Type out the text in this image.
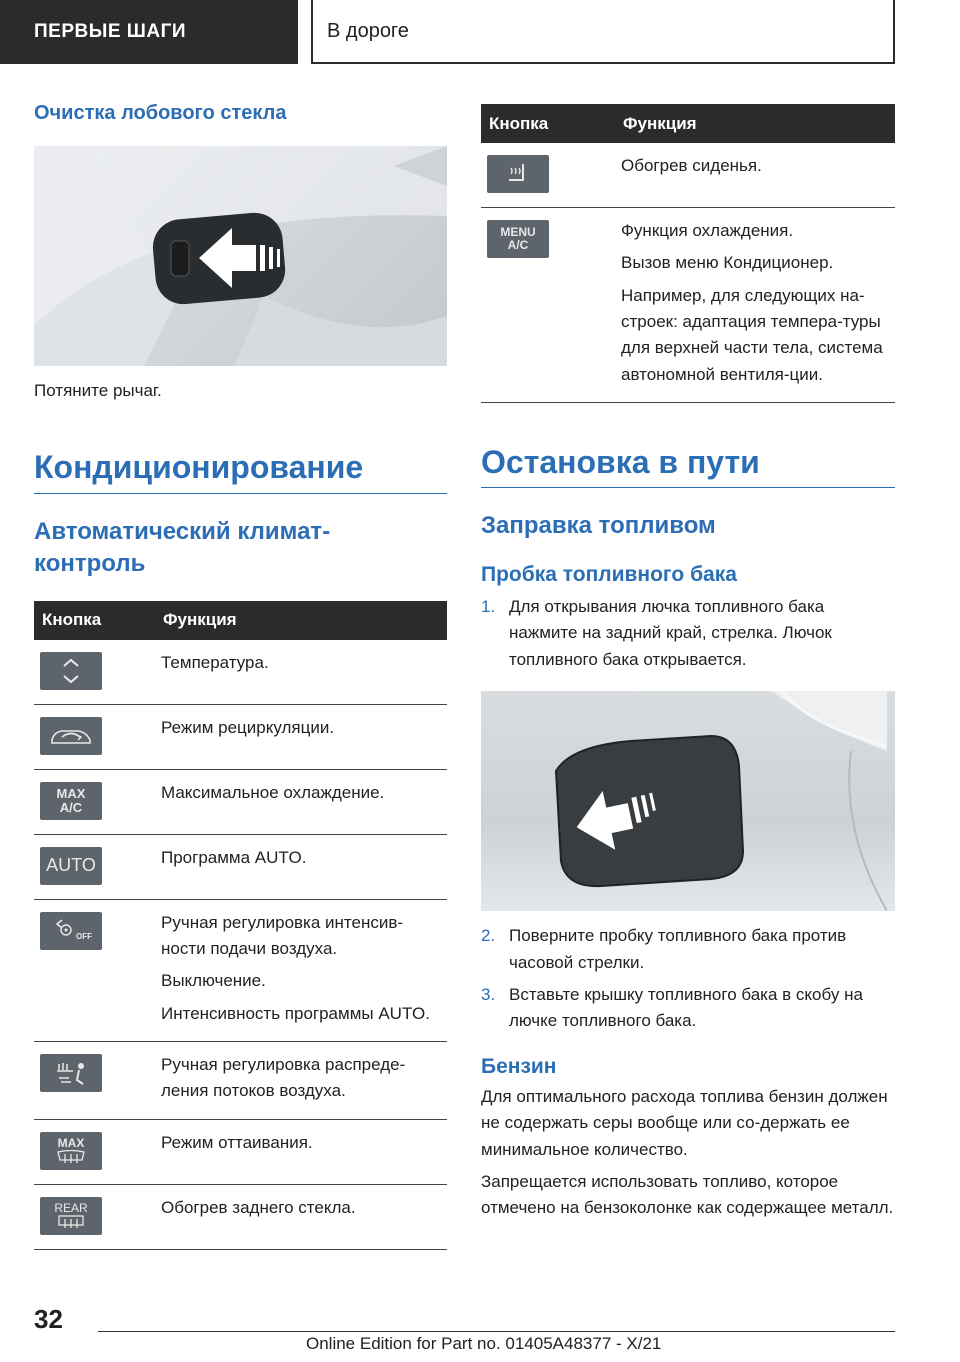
ПЕРВЫЕ ШАГИ	В дороге
Очистка лобового стекла
Потяните рычаг.
Кондиционирование
Автоматический климат-контроль
Кнопка	Функция

Температура.

Режим рециркуляции.

MAX A/C	Максимальное охлаждение.

AUTO	Программа AUTO.

OFF	Ручная регулировка интенсив-ности подачи воздуха.

Выключение.

Интенсивность программы AUTO.

Ручная регулировка распреде-ления потоков воздуха.

MAX	Режим оттаивания.

REAR	Обогрев заднего стекла.

Кнопка	Функция

Обогрев сиденья.

MENU A/C	Функция охлаждения.

Вызов меню Кондиционер.

Например, для следующих на-строек: адаптация темпера-туры для верхней части тела, система автономной вентиля-ции.

Остановка в пути
Заправка топливом
Пробка топливного бака
1. Для открывания лючка топливного бака нажмите на задний край, стрелка. Лючок топливного бака открывается.
2. Поверните пробку топливного бака против часовой стрелки.
3. Вставьте крышку топливного бака в скобу на лючке топливного бака.
Бензин

Для оптимального расхода топлива бензин должен не содержать серы вообще или со-держать ее минимальное количество.

Запрещается использовать топливо, которое отмечено на бензоколонке как содержащее металл.

32
Online Edition for Part no. 01405A48377 - X/21
